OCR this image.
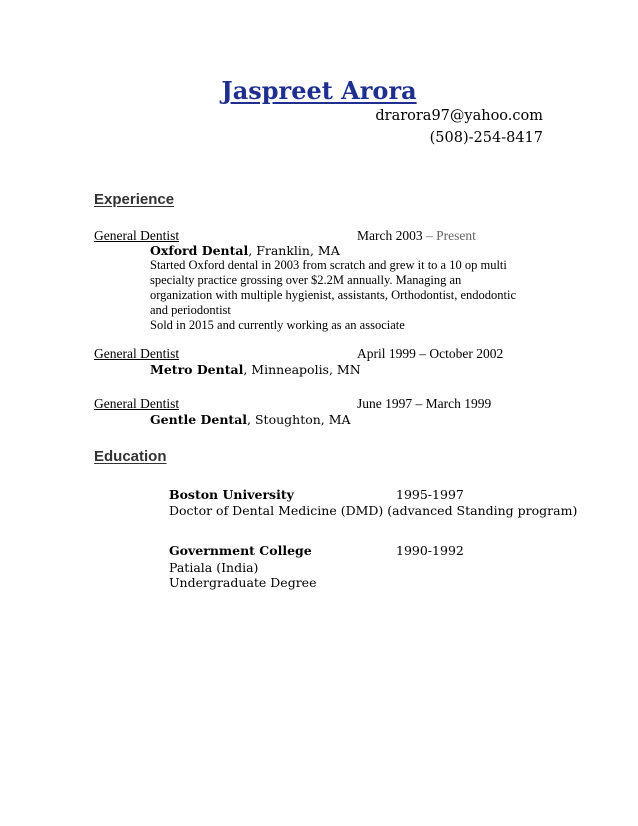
Jaspreet Arora
drarora97@yahoo.com
(508)-254-8417
Experience
General Dentist	March 2003 – Present
Oxford Dental, Franklin, MA
Started Oxford dental in 2003 from scratch and grew it to a 10 op multi
specialty practice grossing over $2.2M annually. Managing an
organization with multiple hygienist, assistants, Orthodontist, endodontic
and periodontist
Sold in 2015 and currently working as an associate
General Dentist	April 1999 – October 2002
Metro Dental, Minneapolis, MN
General Dentist	June 1997 – March 1999
Gentle Dental, Stoughton, MA
Education
Boston University	1995-1997
Doctor of Dental Medicine (DMD) (advanced Standing program)
Government College	1990-1992
Patiala (India)
Undergraduate Degree
